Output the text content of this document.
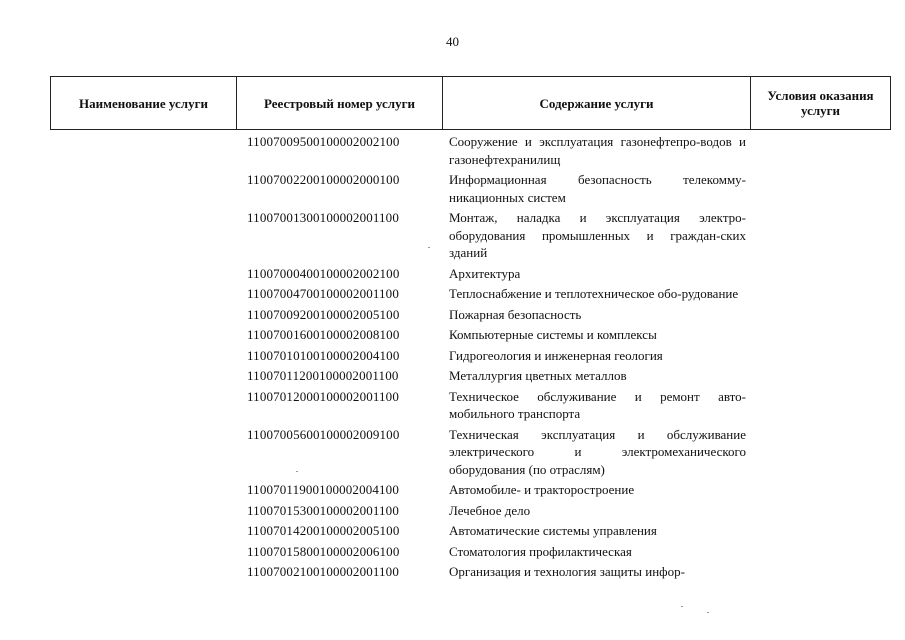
40
Наименование услуги	Реестровый номер услуги	Содержание услуги	Условия оказания услуги
11007009500100002002100	Сооружение и эксплуатация газонефтепро-водов и газонефтехранилищ
11007002200100002000100	Информационная безопасность телекомму-никационных систем
11007001300100002001100	Монтаж, наладка и эксплуатация электро-оборудования промышленных и граждан-ских зданий
11007000400100002002100	Архитектура
11007004700100002001100	Теплоснабжение и теплотехническое обо-рудование
11007009200100002005100	Пожарная безопасность
11007001600100002008100	Компьютерные системы и комплексы
11007010100100002004100	Гидрогеология и инженерная геология
11007011200100002001100	Металлургия цветных металлов
11007012000100002001100	Техническое обслуживание и ремонт авто-мобильного транспорта
11007005600100002009100	Техническая эксплуатация и обслуживание электрического и электромеханического оборудования (по отраслям)
11007011900100002004100	Автомобиле- и тракторостроение
11007015300100002001100	Лечебное дело
11007014200100002005100	Автоматические системы управления
11007015800100002006100	Стоматология профилактическая
11007002100100002001100	Организация и технология защиты инфор-
